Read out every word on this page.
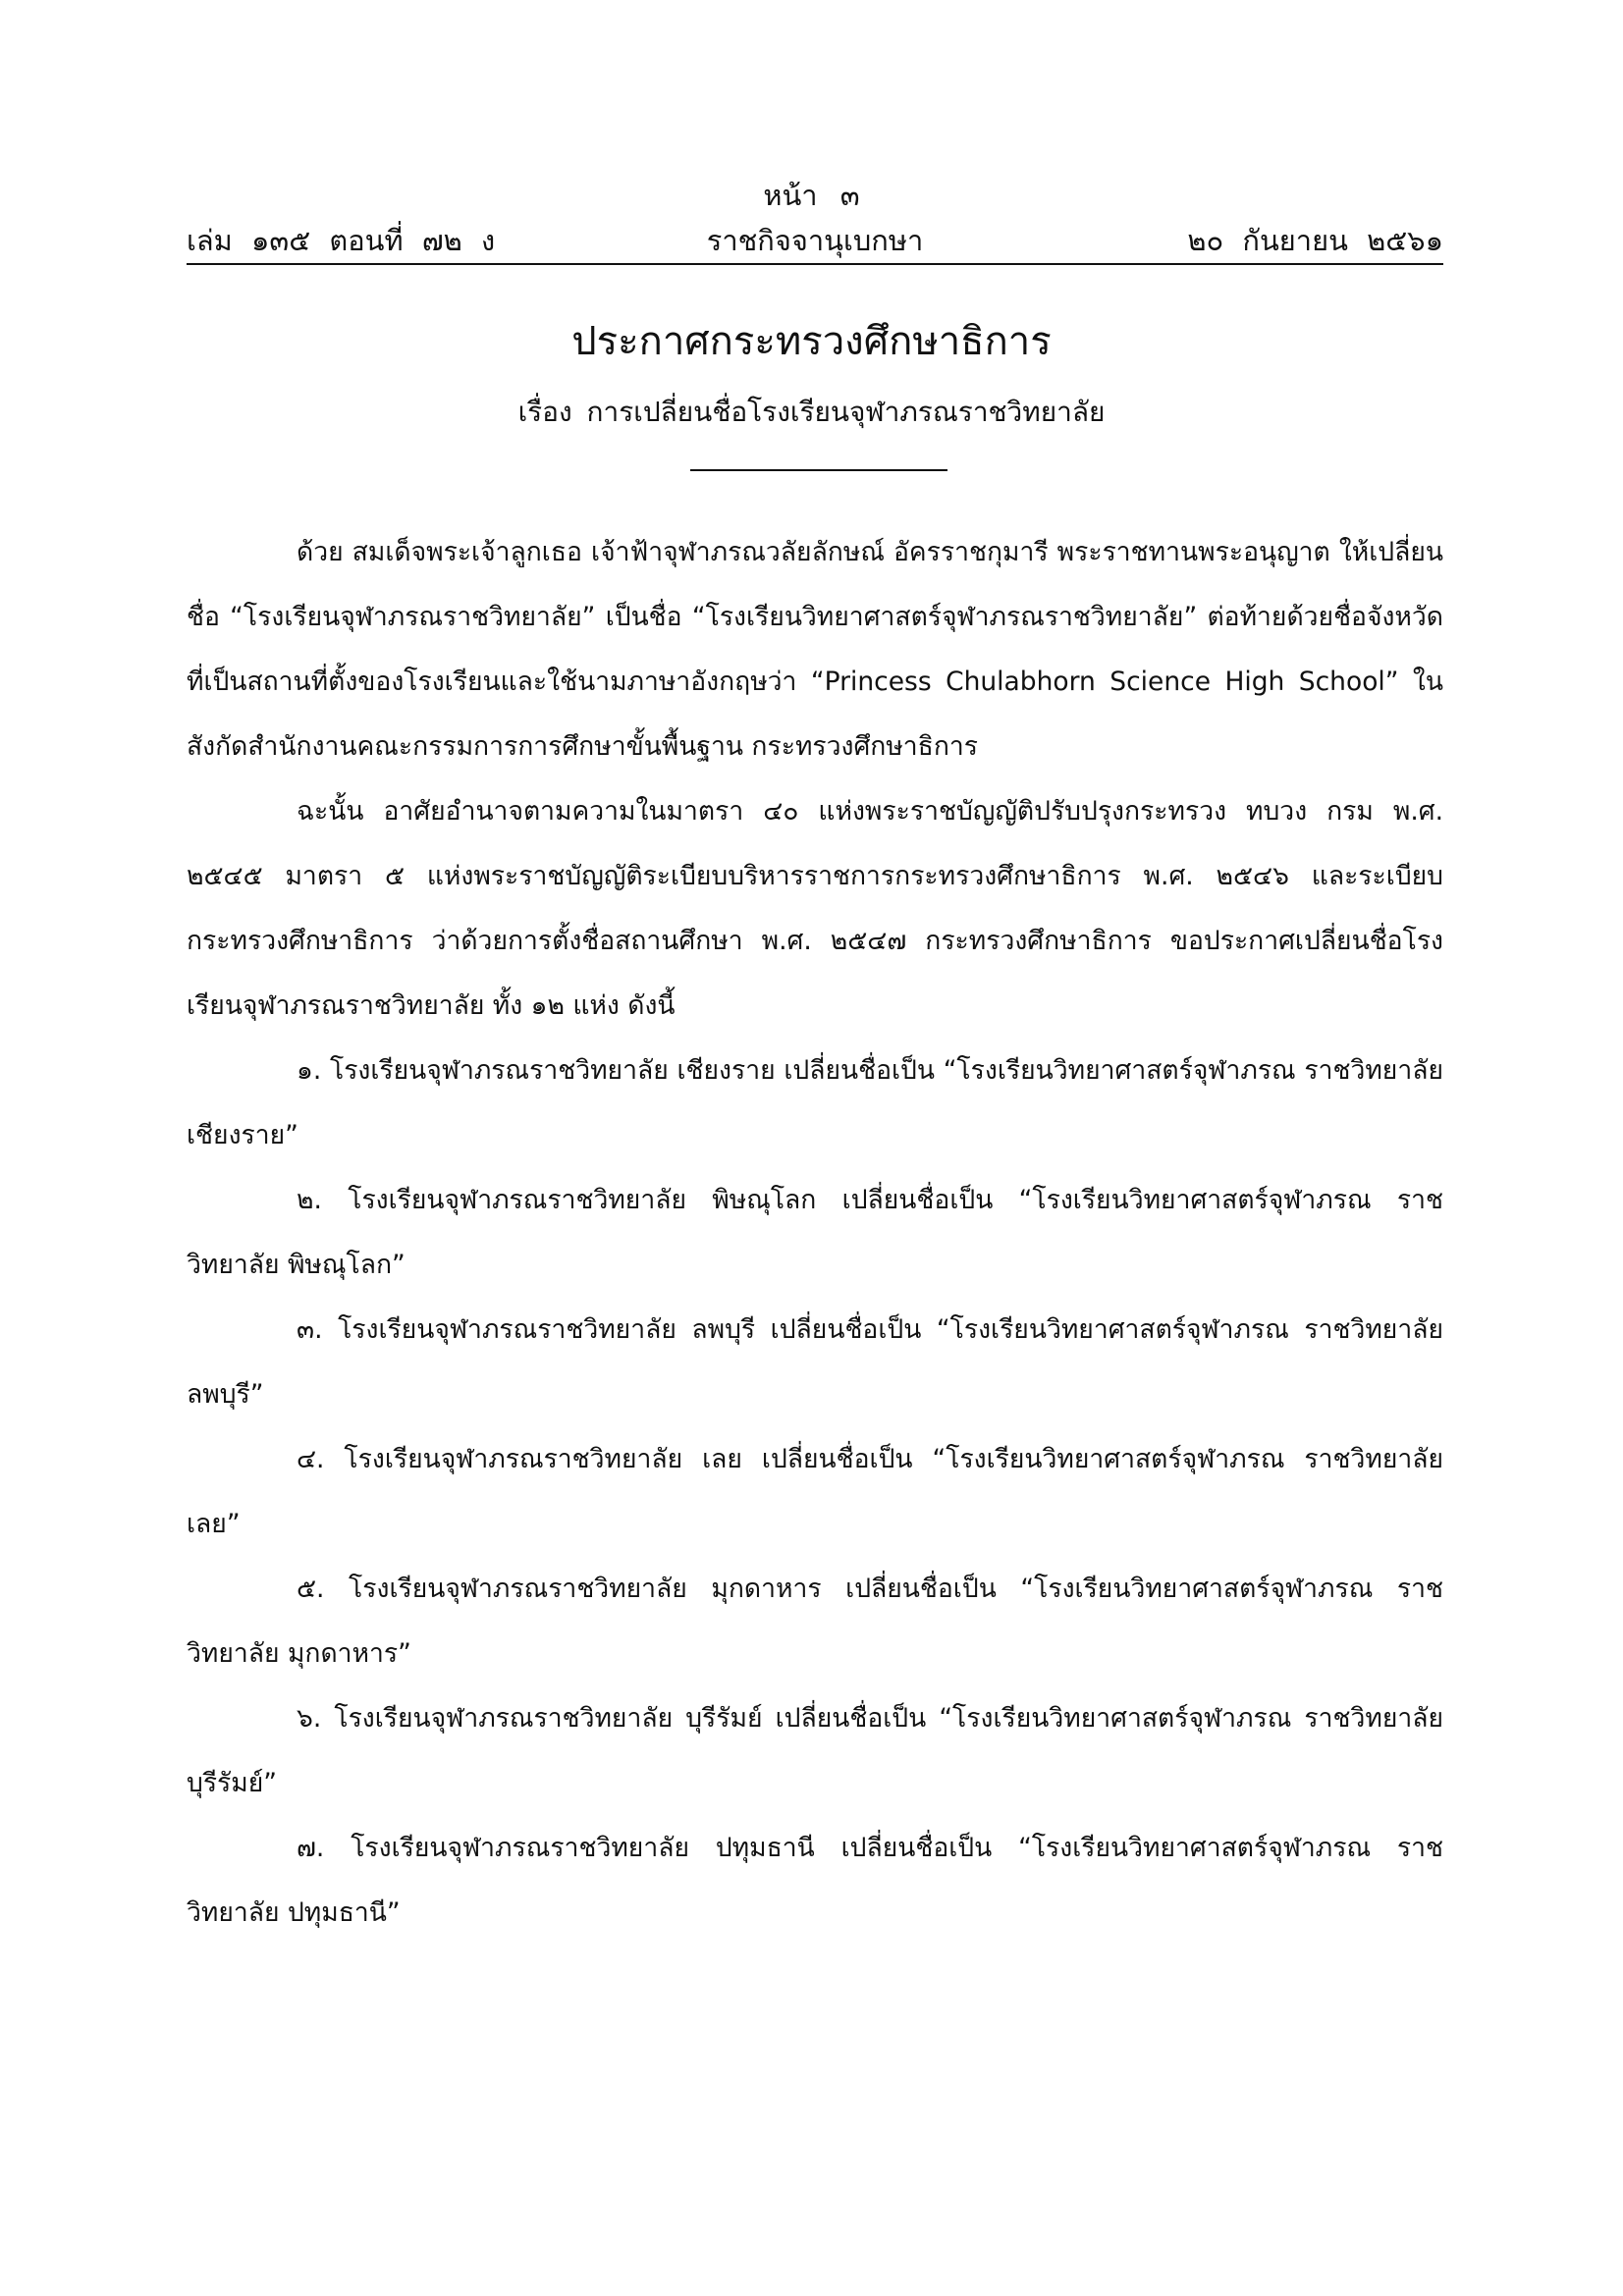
หน้า ๓
เล่ม ๑๓๕ ตอนที่ ๗๒ ง	ราชกิจจานุเบกษา	๒๐ กันยายน ๒๕๖๑
ประกาศกระทรวงศึกษาธิการ
เรื่อง การเปลี่ยนชื่อโรงเรียนจุฬาภรณราชวิทยาลัย

ด้วย สมเด็จพระเจ้าลูกเธอ เจ้าฟ้าจุฬาภรณวลัยลักษณ์ อัครราชกุมารี พระราชทานพระอนุญาต ให้เปลี่ยนชื่อ “โรงเรียนจุฬาภรณราชวิทยาลัย” เป็นชื่อ “โรงเรียนวิทยาศาสตร์จุฬาภรณราชวิทยาลัย” ต่อท้ายด้วยชื่อจังหวัดที่เป็นสถานที่ตั้งของโรงเรียนและใช้นามภาษาอังกฤษว่า “Princess Chulabhorn Science High School” ในสังกัดสำนักงานคณะกรรมการการศึกษาขั้นพื้นฐาน กระทรวงศึกษาธิการ

ฉะนั้น อาศัยอำนาจตามความในมาตรา ๔๐ แห่งพระราชบัญญัติปรับปรุงกระทรวง ทบวง กรม พ.ศ. ๒๕๔๕ มาตรา ๕ แห่งพระราชบัญญัติระเบียบบริหารราชการกระทรวงศึกษาธิการ พ.ศ. ๒๕๔๖ และระเบียบกระทรวงศึกษาธิการ ว่าด้วยการตั้งชื่อสถานศึกษา พ.ศ. ๒๕๔๗ กระทรวงศึกษาธิการ ขอประกาศเปลี่ยนชื่อโรงเรียนจุฬาภรณราชวิทยาลัย ทั้ง ๑๒ แห่ง ดังนี้

๑. โรงเรียนจุฬาภรณราชวิทยาลัย เชียงราย เปลี่ยนชื่อเป็น “โรงเรียนวิทยาศาสตร์จุฬาภรณ ราชวิทยาลัย เชียงราย”

๒. โรงเรียนจุฬาภรณราชวิทยาลัย พิษณุโลก เปลี่ยนชื่อเป็น “โรงเรียนวิทยาศาสตร์จุฬาภรณ ราชวิทยาลัย พิษณุโลก”

๓. โรงเรียนจุฬาภรณราชวิทยาลัย ลพบุรี เปลี่ยนชื่อเป็น “โรงเรียนวิทยาศาสตร์จุฬาภรณ ราชวิทยาลัย ลพบุรี”

๔. โรงเรียนจุฬาภรณราชวิทยาลัย เลย เปลี่ยนชื่อเป็น “โรงเรียนวิทยาศาสตร์จุฬาภรณ ราชวิทยาลัย เลย”

๕. โรงเรียนจุฬาภรณราชวิทยาลัย มุกดาหาร เปลี่ยนชื่อเป็น “โรงเรียนวิทยาศาสตร์จุฬาภรณ ราชวิทยาลัย มุกดาหาร”

๖. โรงเรียนจุฬาภรณราชวิทยาลัย บุรีรัมย์ เปลี่ยนชื่อเป็น “โรงเรียนวิทยาศาสตร์จุฬาภรณ ราชวิทยาลัย บุรีรัมย์”

๗. โรงเรียนจุฬาภรณราชวิทยาลัย ปทุมธานี เปลี่ยนชื่อเป็น “โรงเรียนวิทยาศาสตร์จุฬาภรณ ราชวิทยาลัย ปทุมธานี”
